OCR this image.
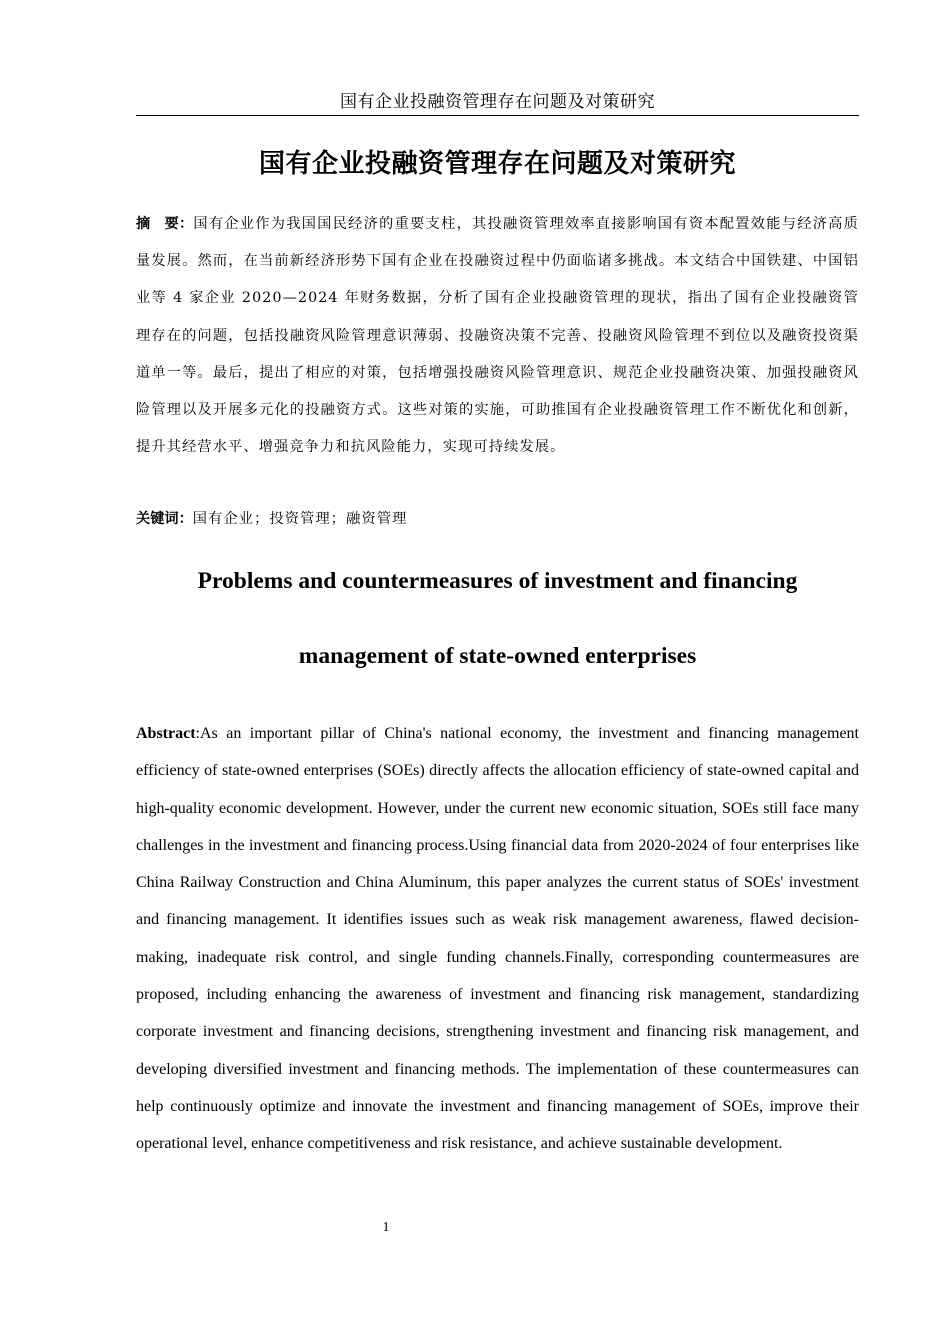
国有企业投融资管理存在问题及对策研究
国有企业投融资管理存在问题及对策研究
摘　要：国有企业作为我国国民经济的重要支柱，其投融资管理效率直接影响国有资本配置效能与经济高质量发展。然而，在当前新经济形势下国有企业在投融资过程中仍面临诸多挑战。本文结合中国铁建、中国铝业等 4 家企业 2020—2024 年财务数据，分析了国有企业投融资管理的现状，指出了国有企业投融资管理存在的问题，包括投融资风险管理意识薄弱、投融资决策不完善、投融资风险管理不到位以及融资投资渠道单一等。最后，提出了相应的对策，包括增强投融资风险管理意识、规范企业投融资决策、加强投融资风险管理以及开展多元化的投融资方式。这些对策的实施，可助推国有企业投融资管理工作不断优化和创新，提升其经营水平、增强竞争力和抗风险能力，实现可持续发展。
关键词：国有企业；投资管理；融资管理
Problems and countermeasures of investment and financing
management of state-owned enterprises
Abstract:As an important pillar of China's national economy, the investment and financing management efficiency of state-owned enterprises (SOEs) directly affects the allocation efficiency of state-owned capital and high-quality economic development. However, under the current new economic situation, SOEs still face many challenges in the investment and financing process.Using financial data from 2020-2024 of four enterprises like China Railway Construction and China Aluminum, this paper analyzes the current status of SOEs' investment and financing management. It identifies issues such as weak risk management awareness, flawed decision-making, inadequate risk control, and single funding channels.Finally, corresponding countermeasures are proposed, including enhancing the awareness of investment and financing risk management, standardizing corporate investment and financing decisions, strengthening investment and financing risk management, and developing diversified investment and financing methods. The implementation of these countermeasures can help continuously optimize and innovate the investment and financing management of SOEs, improve their operational level, enhance competitiveness and risk resistance, and achieve sustainable development.
1
